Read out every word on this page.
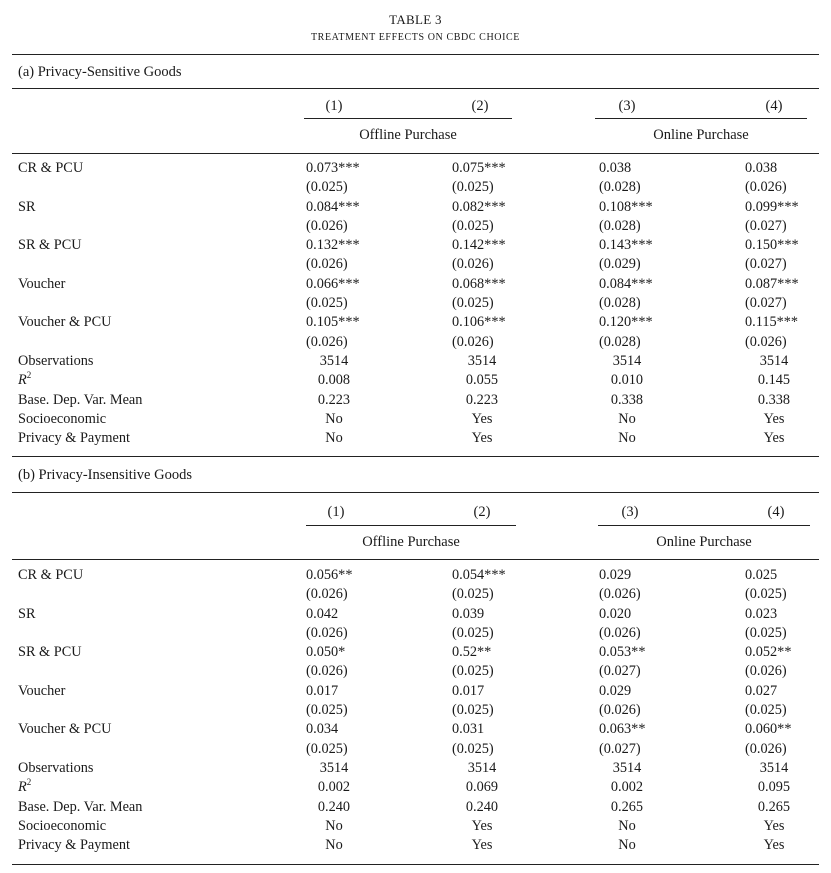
TABLE 3
TREATMENT EFFECTS ON CBDC CHOICE
(a) Privacy-Sensitive Goods
(1)	(2)	(3)	(4)
Offline Purchase	Online Purchase
CR & PCU	0.073***	0.075***	0.038	0.038
(0.025)	(0.025)	(0.028)	(0.026)
SR	0.084***	0.082***	0.108***	0.099***
(0.026)	(0.025)	(0.028)	(0.027)
SR & PCU	0.132***	0.142***	0.143***	0.150***
(0.026)	(0.026)	(0.029)	(0.027)
Voucher	0.066***	0.068***	0.084***	0.087***
(0.025)	(0.025)	(0.028)	(0.027)
Voucher & PCU	0.105***	0.106***	0.120***	0.115***
(0.026)	(0.026)	(0.028)	(0.026)
Observations	3514	3514	3514	3514
$R^2$	0.008	0.055	0.010	0.145
Base. Dep. Var. Mean	0.223	0.223	0.338	0.338
Socioeconomic	No	Yes	No	Yes
Privacy & Payment	No	Yes	No	Yes
(b) Privacy-Insensitive Goods
(1)	(2)	(3)	(4)
Offline Purchase	Online Purchase
CR & PCU	0.056**	0.054***	0.029	0.025
(0.026)	(0.025)	(0.026)	(0.025)
SR	0.042	0.039	0.020	0.023
(0.026)	(0.025)	(0.026)	(0.025)
SR & PCU	0.050*	0.52**	0.053**	0.052**
(0.026)	(0.025)	(0.027)	(0.026)
Voucher	0.017	0.017	0.029	0.027
(0.025)	(0.025)	(0.026)	(0.025)
Voucher & PCU	0.034	0.031	0.063**	0.060**
(0.025)	(0.025)	(0.027)	(0.026)
Observations	3514	3514	3514	3514
$R^2$	0.002	0.069	0.002	0.095
Base. Dep. Var. Mean	0.240	0.240	0.265	0.265
Socioeconomic	No	Yes	No	Yes
Privacy & Payment	No	Yes	No	Yes
